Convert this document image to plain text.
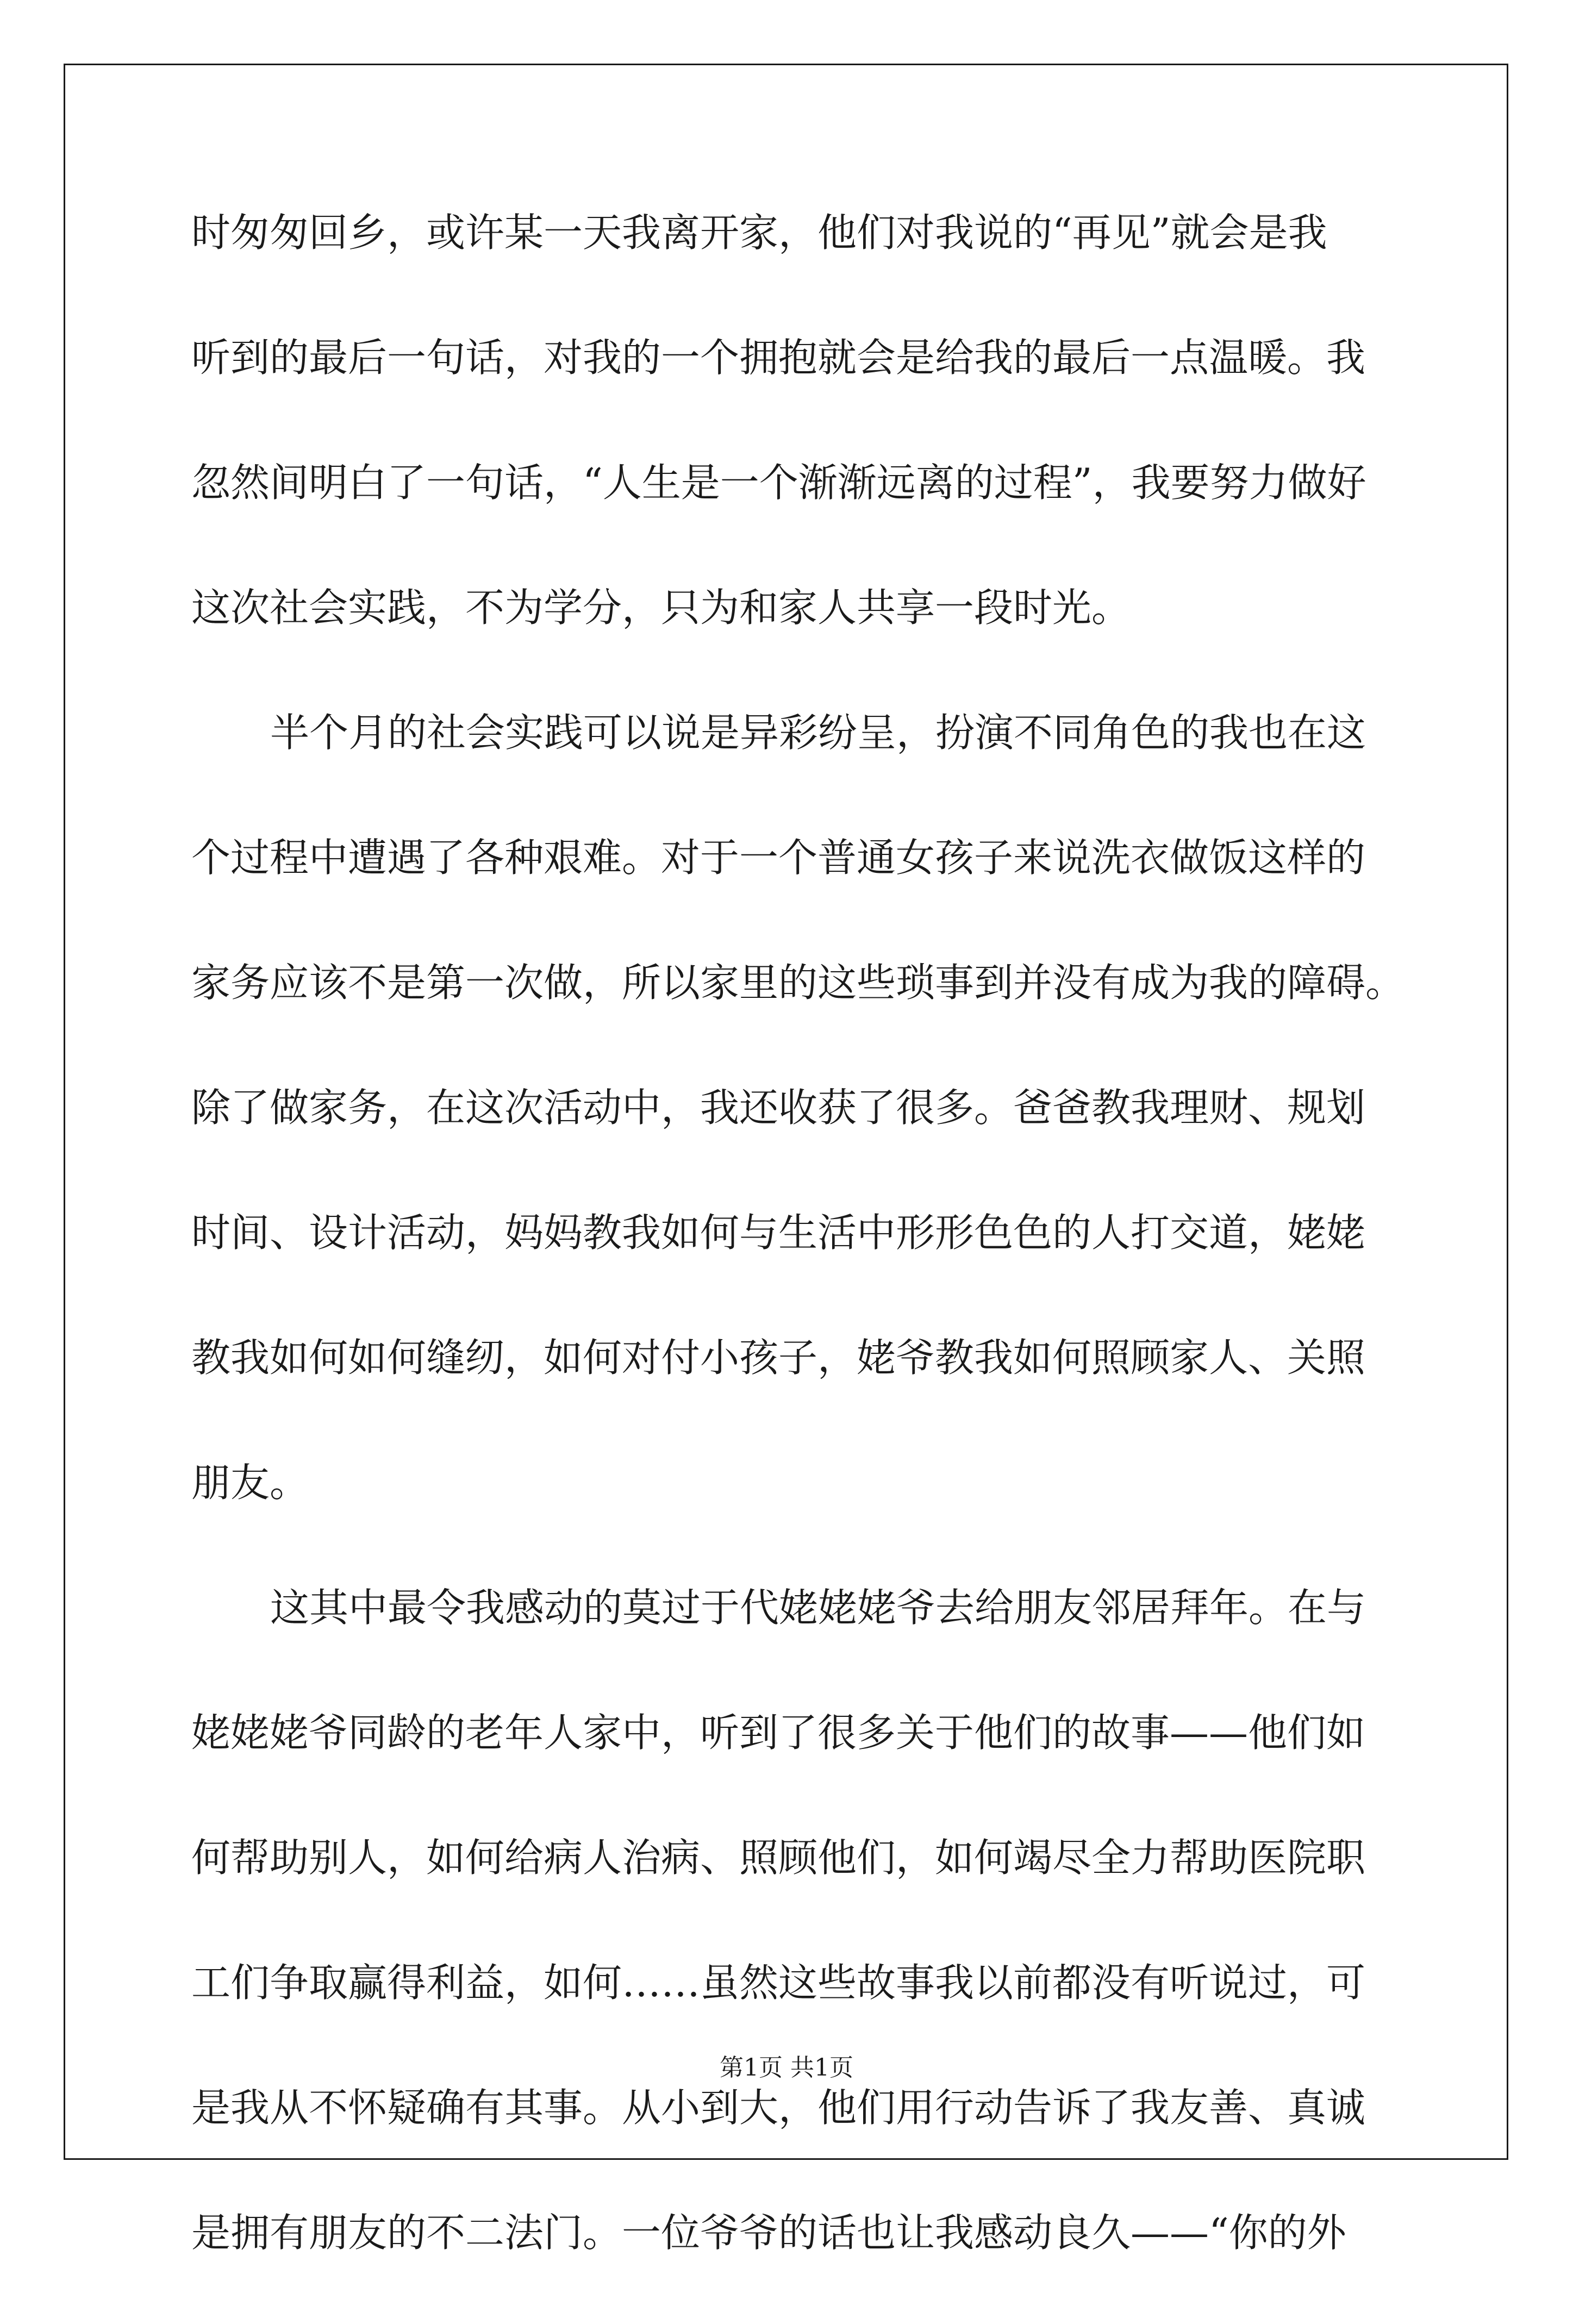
时匆匆回乡，或许某一天我离开家，他们对我说的“再见”就会是我
听到的最后一句话，对我的一个拥抱就会是给我的最后一点温暖。我
忽然间明白了一句话，“人生是一个渐渐远离的过程”，我要努力做好
这次社会实践，不为学分，只为和家人共享一段时光。
半个月的社会实践可以说是异彩纷呈，扮演不同角色的我也在这
个过程中遭遇了各种艰难。对于一个普通女孩子来说洗衣做饭这样的
家务应该不是第一次做，所以家里的这些琐事到并没有成为我的障碍。
除了做家务，在这次活动中，我还收获了很多。爸爸教我理财、规划
时间、设计活动，妈妈教我如何与生活中形形色色的人打交道，姥姥
教我如何如何缝纫，如何对付小孩子，姥爷教我如何照顾家人、关照
朋友。
这其中最令我感动的莫过于代姥姥姥爷去给朋友邻居拜年。在与
姥姥姥爷同龄的老年人家中，听到了很多关于他们的故事——他们如
何帮助别人，如何给病人治病、照顾他们，如何竭尽全力帮助医院职
工们争取赢得利益，如何……虽然这些故事我以前都没有听说过，可
是我从不怀疑确有其事。从小到大，他们用行动告诉了我友善、真诚
是拥有朋友的不二法门。一位爷爷的话也让我感动良久——“你的外
第1页 共1页
